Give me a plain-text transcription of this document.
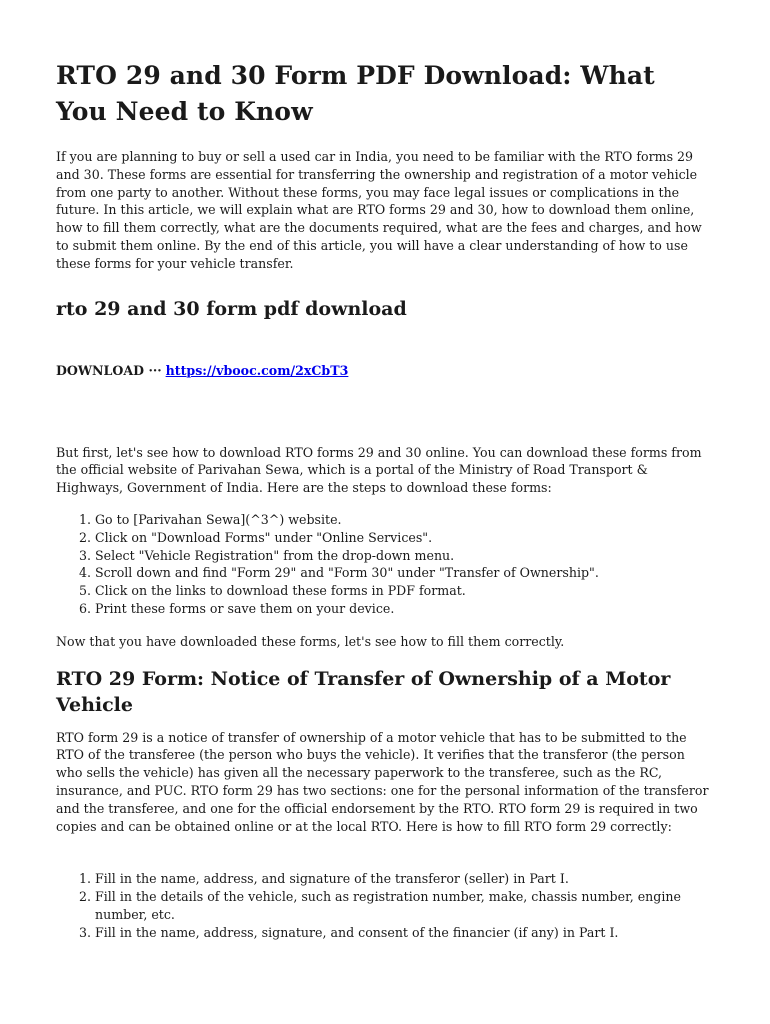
RTO 29 and 30 Form PDF Download: What You Need to Know

If you are planning to buy or sell a used car in India, you need to be familiar with the RTO forms 29 and 30. These forms are essential for transferring the ownership and registration of a motor vehicle from one party to another. Without these forms, you may face legal issues or complications in the future. In this article, we will explain what are RTO forms 29 and 30, how to download them online, how to fill them correctly, what are the documents required, what are the fees and charges, and how to submit them online. By the end of this article, you will have a clear understanding of how to use these forms for your vehicle transfer.

rto 29 and 30 form pdf download
DOWNLOAD ··· https://vbooc.com/2xCbT3

But first, let's see how to download RTO forms 29 and 30 online. You can download these forms from the official website of Parivahan Sewa, which is a portal of the Ministry of Road Transport & Highways, Government of India. Here are the steps to download these forms:

1. Go to [Parivahan Sewa](^3^) website.
2. Click on "Download Forms" under "Online Services".
3. Select "Vehicle Registration" from the drop-down menu.
4. Scroll down and find "Form 29" and "Form 30" under "Transfer of Ownership".
5. Click on the links to download these forms in PDF format.
6. Print these forms or save them on your device.

Now that you have downloaded these forms, let's see how to fill them correctly.

RTO 29 Form: Notice of Transfer of Ownership of a Motor Vehicle

RTO form 29 is a notice of transfer of ownership of a motor vehicle that has to be submitted to the RTO of the transferee (the person who buys the vehicle). It verifies that the transferor (the person who sells the vehicle) has given all the necessary paperwork to the transferee, such as the RC, insurance, and PUC. RTO form 29 has two sections: one for the personal information of the transferor and the transferee, and one for the official endorsement by the RTO. RTO form 29 is required in two copies and can be obtained online or at the local RTO. Here is how to fill RTO form 29 correctly:

1. Fill in the name, address, and signature of the transferor (seller) in Part I.
2. Fill in the details of the vehicle, such as registration number, make, chassis number, engine number, etc.
3. Fill in the name, address, signature, and consent of the financier (if any) in Part I.
